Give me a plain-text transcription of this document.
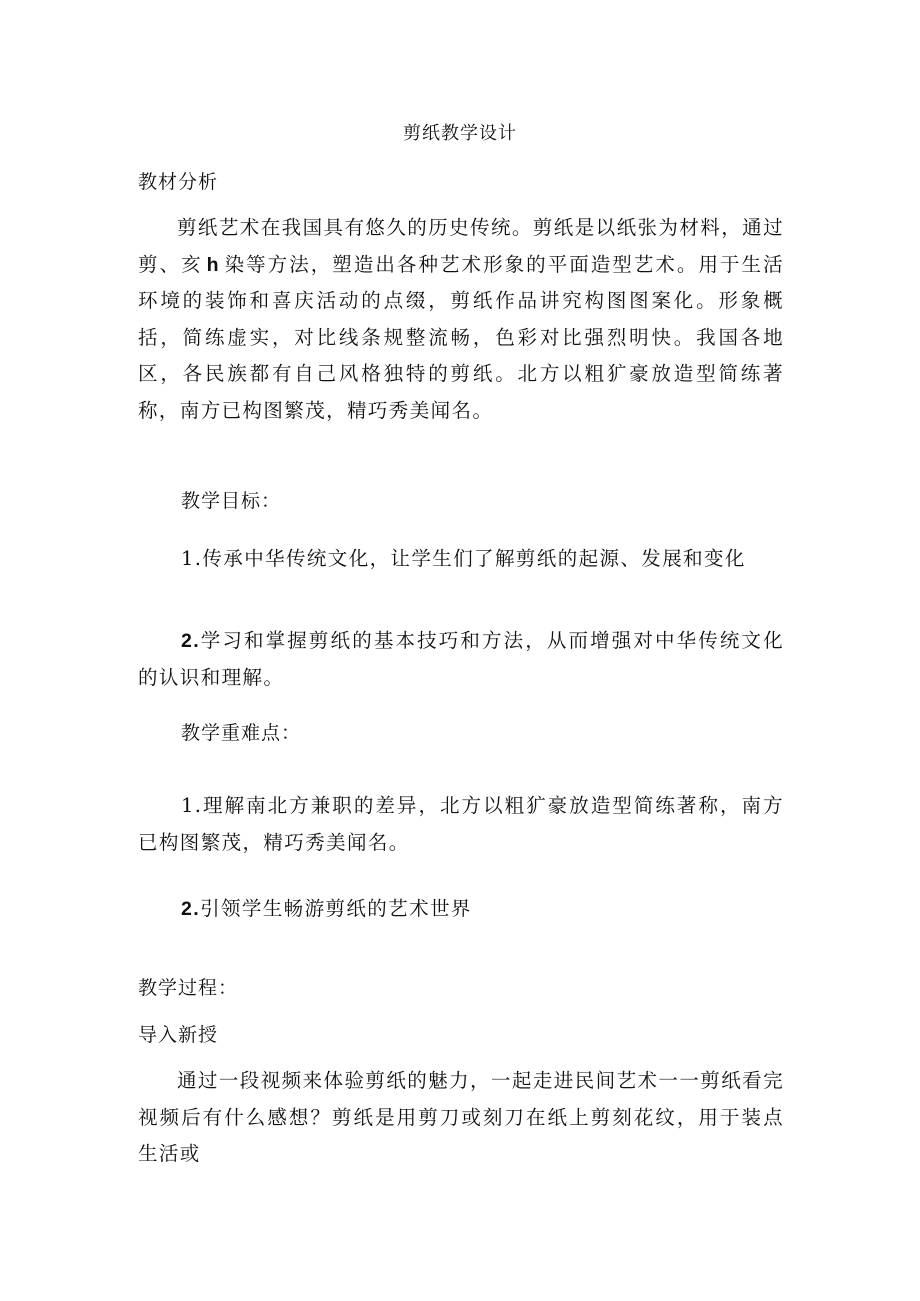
剪纸教学设计
教材分析

剪纸艺术在我国具有悠久的历史传统。剪纸是以纸张为材料，通过剪、亥 h 染等方法，塑造出各种艺术形象的平面造型艺术。用于生活环境的装饰和喜庆活动的点缀，剪纸作品讲究构图图案化。形象概括，简练虚实，对比线条规整流畅，色彩对比强烈明快。我国各地区，各民族都有自己风格独特的剪纸。北方以粗犷豪放造型简练著称，南方已构图繁茂，精巧秀美闻名。

教学目标：

1.传承中华传统文化，让学生们了解剪纸的起源、发展和变化

2.学习和掌握剪纸的基本技巧和方法，从而增强对中华传统文化的认识和理解。

教学重难点：

1.理解南北方兼职的差异，北方以粗犷豪放造型简练著称，南方已构图繁茂，精巧秀美闻名。

2.引领学生畅游剪纸的艺术世界

教学过程：
导入新授

通过一段视频来体验剪纸的魅力，一起走进民间艺术一一剪纸看完视频后有什么感想？剪纸是用剪刀或刻刀在纸上剪刻花纹，用于装点生活或
